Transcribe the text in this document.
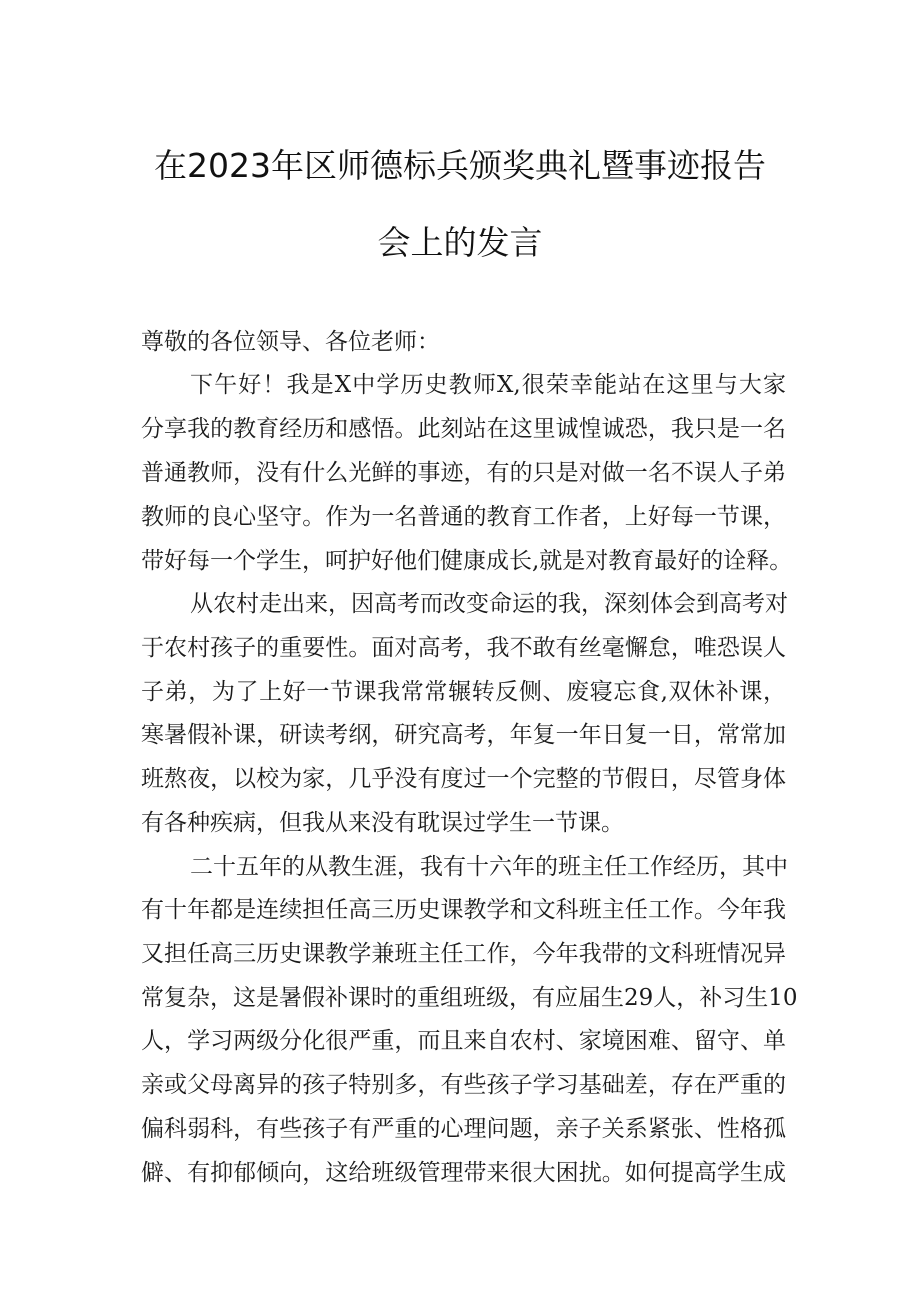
在2023年区师德标兵颁奖典礼暨事迹报告
会上的发言

尊敬的各位领导、各位老师：

下午好！我是X中学历史教师X,很荣幸能站在这里与大家

分享我的教育经历和感悟。此刻站在这里诚惶诚恐，我只是一名

普通教师，没有什么光鲜的事迹，有的只是对做一名不误人子弟

教师的良心坚守。作为一名普通的教育工作者，上好每一节课，

带好每一个学生，呵护好他们健康成长,就是对教育最好的诠释。

从农村走出来，因高考而改变命运的我，深刻体会到高考对

于农村孩子的重要性。面对高考，我不敢有丝毫懈怠，唯恐误人

子弟，为了上好一节课我常常辗转反侧、废寝忘食,双休补课，

寒暑假补课，研读考纲，研究高考，年复一年日复一日，常常加

班熬夜，以校为家，几乎没有度过一个完整的节假日，尽管身体

有各种疾病，但我从来没有耽误过学生一节课。

二十五年的从教生涯，我有十六年的班主任工作经历，其中

有十年都是连续担任高三历史课教学和文科班主任工作。今年我

又担任高三历史课教学兼班主任工作，今年我带的文科班情况异

常复杂，这是暑假补课时的重组班级，有应届生29人，补习生10

人，学习两级分化很严重，而且来自农村、家境困难、留守、单

亲或父母离异的孩子特别多，有些孩子学习基础差，存在严重的

偏科弱科，有些孩子有严重的心理问题，亲子关系紧张、性格孤

僻、有抑郁倾向，这给班级管理带来很大困扰。如何提高学生成
